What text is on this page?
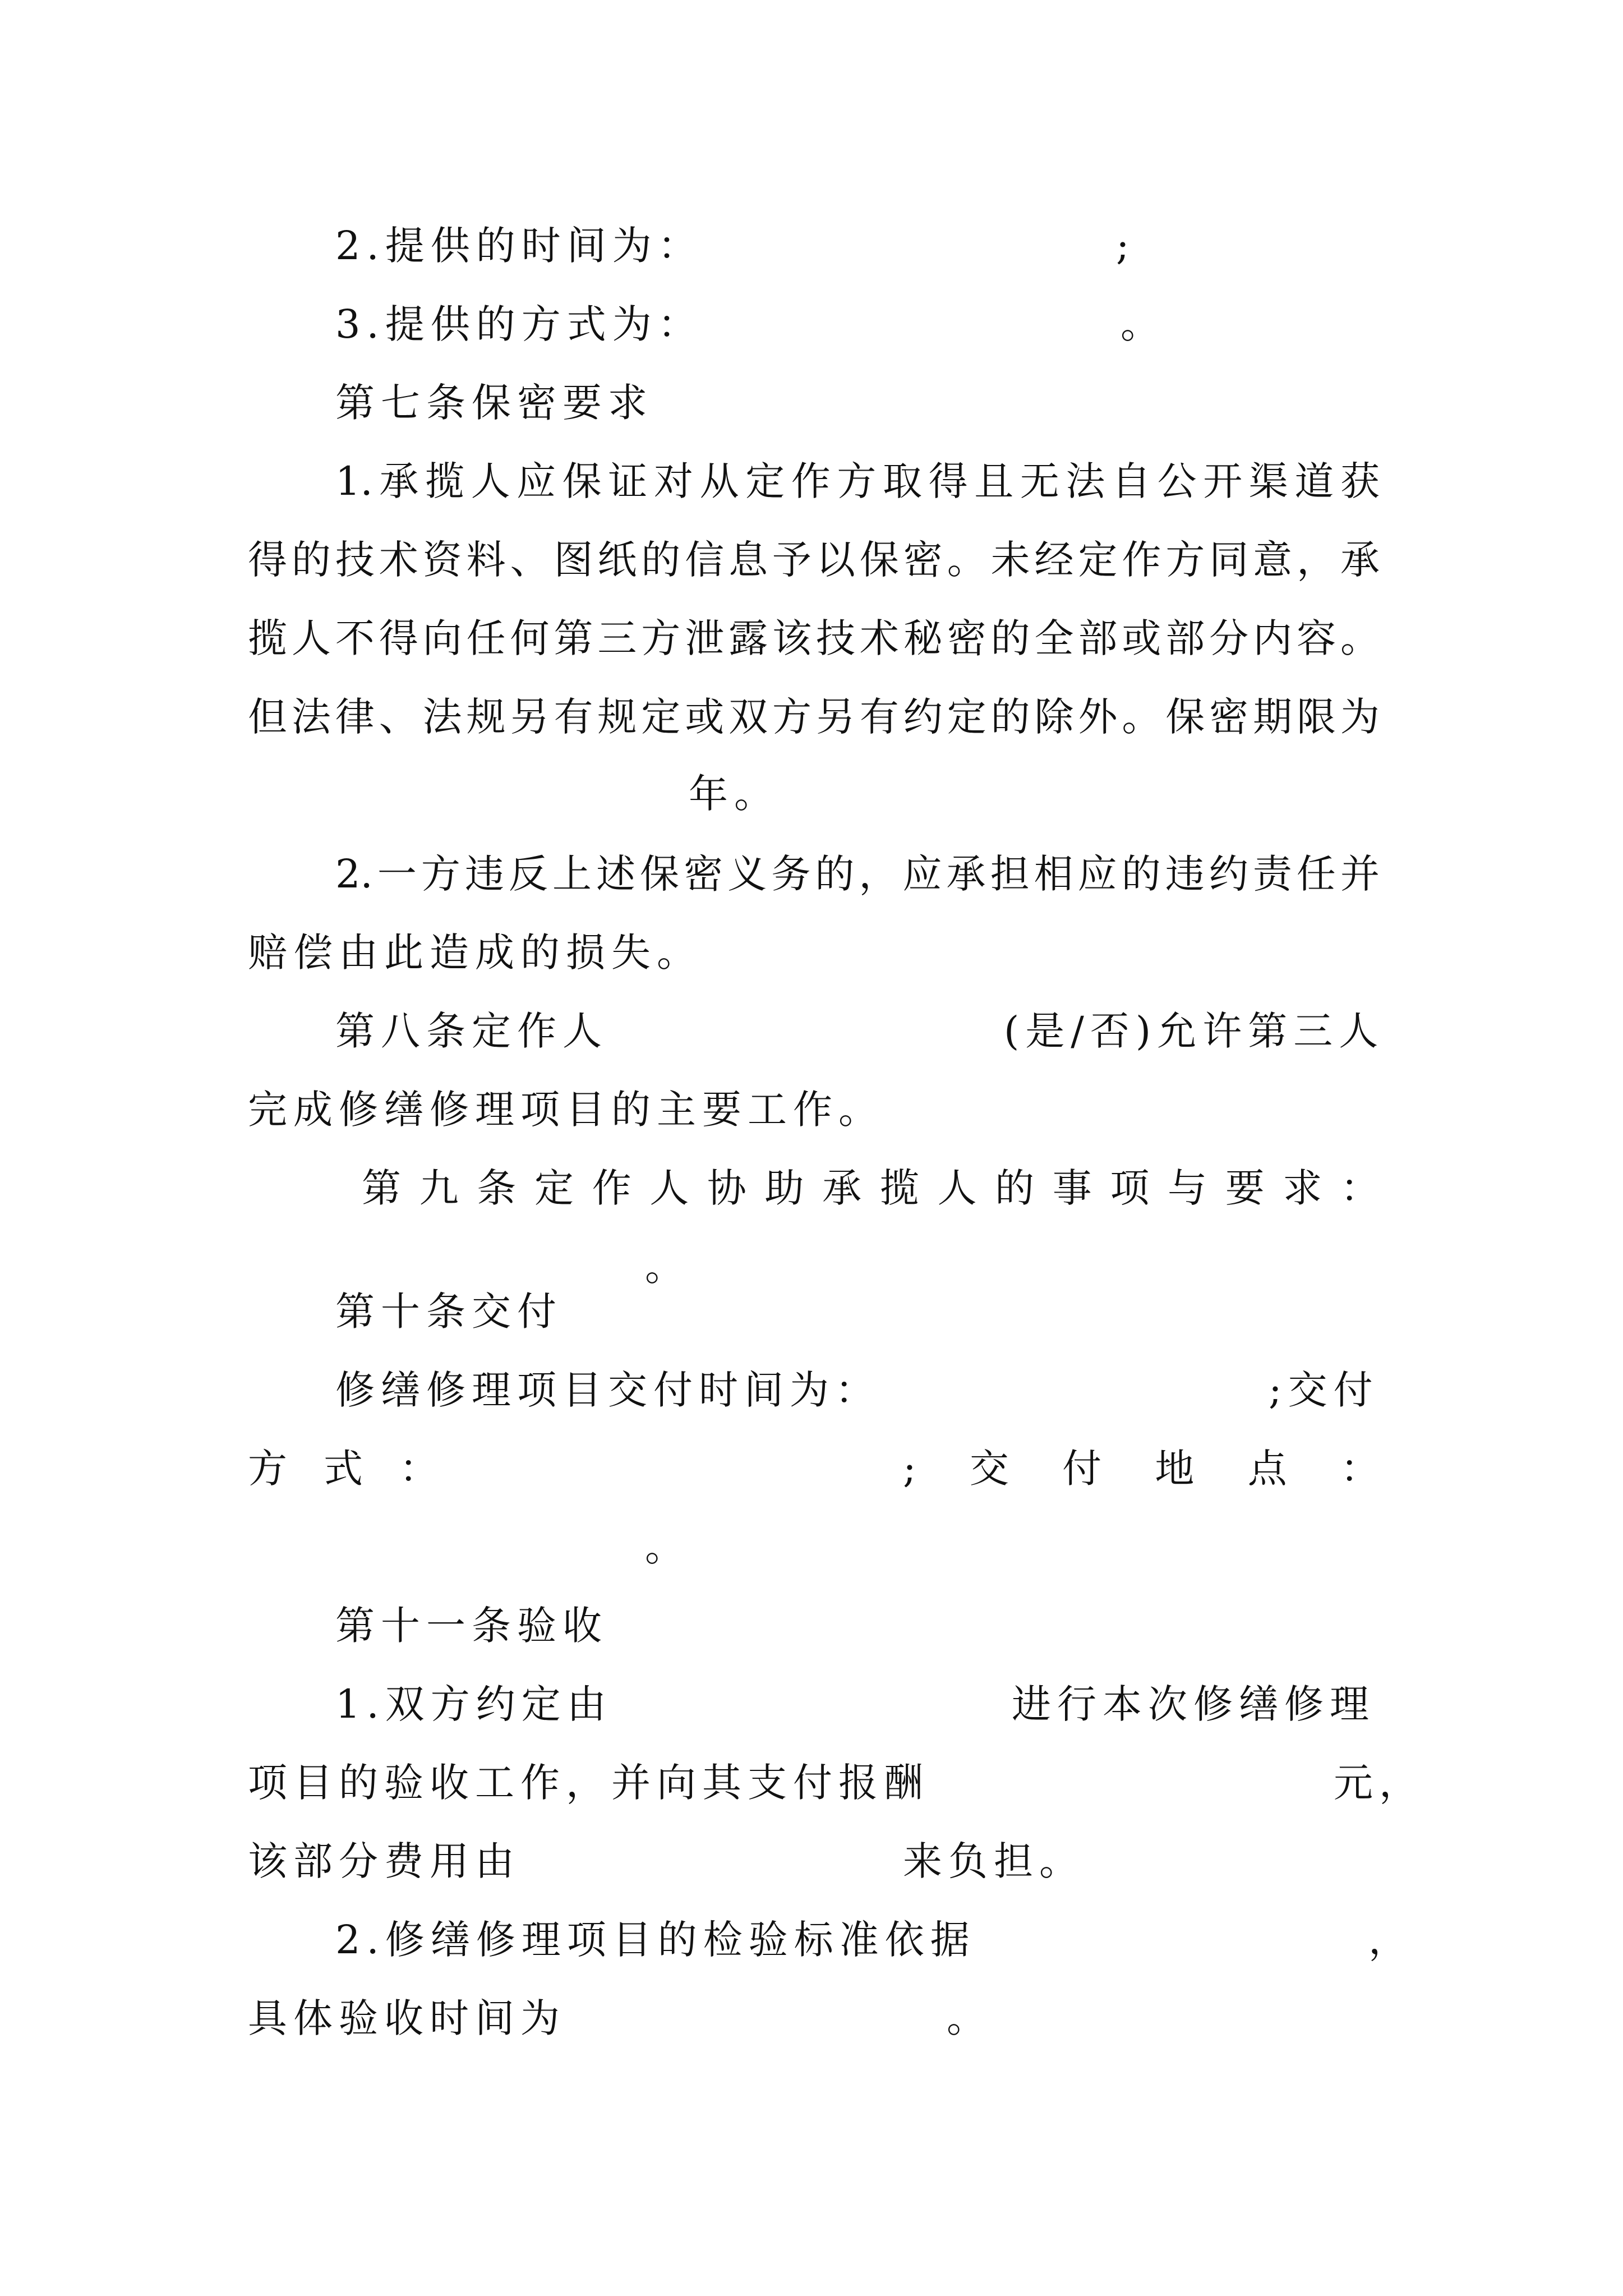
2.提供的时间为：	;
3.提供的方式为：	。
第七条保密要求
1.承揽人应保证对从定作方取得且无法自公开渠道获
得的技术资料、图纸的信息予以保密。未经定作方同意，承
揽人不得向任何第三方泄露该技术秘密的全部或部分内容。
但法律、法规另有规定或双方另有约定的除外。保密期限为
年。
2.一方违反上述保密义务的，应承担相应的违约责任并
赔偿由此造成的损失。
第八条定作人	(是/否)允许第三人
完成修缮修理项目的主要工作。
第九条定作人协助承揽人的事项与要求：
。
第十条交付
修缮修理项目交付时间为：	;交付
方式：	;交付地点：
。
第十一条验收
1.双方约定由	进行本次修缮修理
项目的验收工作，并向其支付报酬	元，
该部分费用由	来负担。
2.修缮修理项目的检验标准依据	，
具体验收时间为	。
